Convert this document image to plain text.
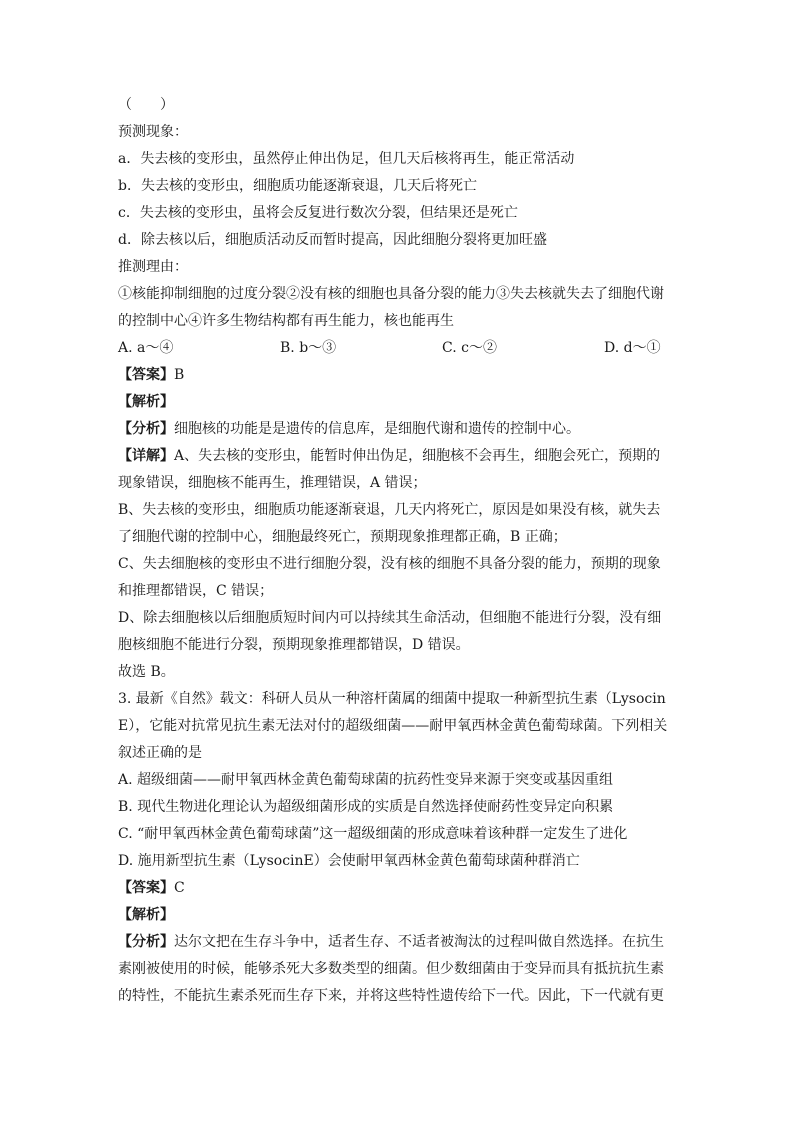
（　　）
预测现象：
a．失去核的变形虫，虽然停止伸出伪足，但几天后核将再生，能正常活动
b．失去核的变形虫，细胞质功能逐渐衰退，几天后将死亡
c．失去核的变形虫，虽将会反复进行数次分裂，但结果还是死亡
d．除去核以后，细胞质活动反而暂时提高，因此细胞分裂将更加旺盛
推测理由：
①核能抑制细胞的过度分裂②没有核的细胞也具备分裂的能力③失去核就失去了细胞代谢
的控制中心④许多生物结构都有再生能力，核也能再生
A. a～④	B. b～③	C. c～②	D. d～①
【答案】B
【解析】
【分析】细胞核的功能是是遗传的信息库，是细胞代谢和遗传的控制中心。
【详解】A、失去核的变形虫，能暂时伸出伪足，细胞核不会再生，细胞会死亡，预期的
现象错误，细胞核不能再生，推理错误，A 错误；
B、失去核的变形虫，细胞质功能逐渐衰退，几天内将死亡，原因是如果没有核，就失去
了细胞代谢的控制中心，细胞最终死亡，预期现象推理都正确，B 正确；
C、失去细胞核的变形虫不进行细胞分裂，没有核的细胞不具备分裂的能力，预期的现象
和推理都错误，C 错误；
D、除去细胞核以后细胞质短时间内可以持续其生命活动，但细胞不能进行分裂，没有细
胞核细胞不能进行分裂，预期现象推理都错误，D 错误。
故选 B。
3. 最新《自然》载文：科研人员从一种溶杆菌属的细菌中提取一种新型抗生素（Lysocin
E），它能对抗常见抗生素无法对付的超级细菌——耐甲氧西林金黄色葡萄球菌。下列相关
叙述正确的是
A. 超级细菌——耐甲氧西林金黄色葡萄球菌的抗药性变异来源于突变或基因重组
B. 现代生物进化理论认为超级细菌形成的实质是自然选择使耐药性变异定向积累
C. “耐甲氧西林金黄色葡萄球菌”这一超级细菌的形成意味着该种群一定发生了进化
D. 施用新型抗生素（LysocinE）会使耐甲氧西林金黄色葡萄球菌种群消亡
【答案】C
【解析】
【分析】达尔文把在生存斗争中，适者生存、不适者被淘汰的过程叫做自然选择。在抗生
素刚被使用的时候，能够杀死大多数类型的细菌。但少数细菌由于变异而具有抵抗抗生素
的特性，不能抗生素杀死而生存下来，并将这些特性遗传给下一代。因此，下一代就有更
